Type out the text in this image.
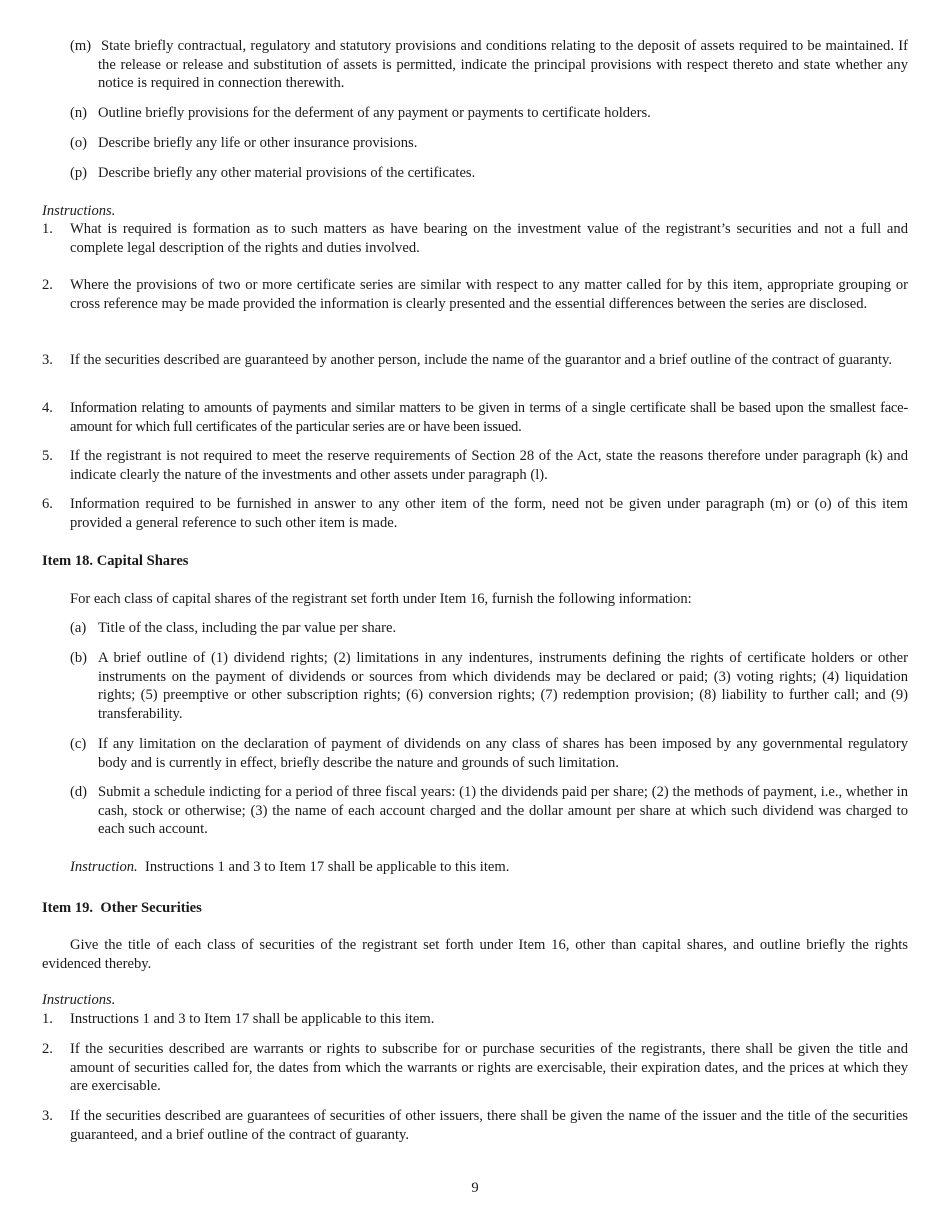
(m) State briefly contractual, regulatory and statutory provisions and conditions relating to the deposit of assets required to be maintained. If the release or release and substitution of assets is permitted, indicate the principal provisions with respect thereto and state whether any notice is required in connection therewith.
(n) Outline briefly provisions for the deferment of any payment or payments to certificate holders.
(o) Describe briefly any life or other insurance provisions.
(p) Describe briefly any other material provisions of the certificates.
Instructions.
1. What is required is formation as to such matters as have bearing on the investment value of the registrant’s securities and not a full and complete legal description of the rights and duties involved.
2. Where the provisions of two or more certificate series are similar with respect to any matter called for by this item, appropriate grouping or cross reference may be made provided the information is clearly presented and the essential differences between the series are disclosed.
3. If the securities described are guaranteed by another person, include the name of the guarantor and a brief outline of the contract of guaranty.
4. Information relating to amounts of payments and similar matters to be given in terms of a single certificate shall be based upon the smallest face-amount for which full certificates of the particular series are or have been issued.
5. If the registrant is not required to meet the reserve requirements of Section 28 of the Act, state the reasons therefore under paragraph (k) and indicate clearly the nature of the investments and other assets under paragraph (l).
6. Information required to be furnished in answer to any other item of the form, need not be given under paragraph (m) or (o) of this item provided a general reference to such other item is made.
Item 18. Capital Shares
For each class of capital shares of the registrant set forth under Item 16, furnish the following information:
(a) Title of the class, including the par value per share.
(b) A brief outline of (1) dividend rights; (2) limitations in any indentures, instruments defining the rights of certificate holders or other instruments on the payment of dividends or sources from which dividends may be declared or paid; (3) voting rights; (4) liquidation rights; (5) preemptive or other subscription rights; (6) conversion rights; (7) redemption provision; (8) liability to further call; and (9) transferability.
(c) If any limitation on the declaration of payment of dividends on any class of shares has been imposed by any governmental regulatory body and is currently in effect, briefly describe the nature and grounds of such limitation.
(d) Submit a schedule indicting for a period of three fiscal years: (1) the dividends paid per share; (2) the methods of payment, i.e., whether in cash, stock or otherwise; (3) the name of each account charged and the dollar amount per share at which such dividend was charged to each such account.
Instruction. Instructions 1 and 3 to Item 17 shall be applicable to this item.
Item 19.  Other Securities
Give the title of each class of securities of the registrant set forth under Item 16, other than capital shares, and outline briefly the rights evidenced thereby.
Instructions.
1. Instructions 1 and 3 to Item 17 shall be applicable to this item.
2. If the securities described are warrants or rights to subscribe for or purchase securities of the registrants, there shall be given the title and amount of securities called for, the dates from which the warrants or rights are exercisable, their expiration dates, and the prices at which they are exercisable.
3. If the securities described are guarantees of securities of other issuers, there shall be given the name of the issuer and the title of the securities guaranteed, and a brief outline of the contract of guaranty.
9
